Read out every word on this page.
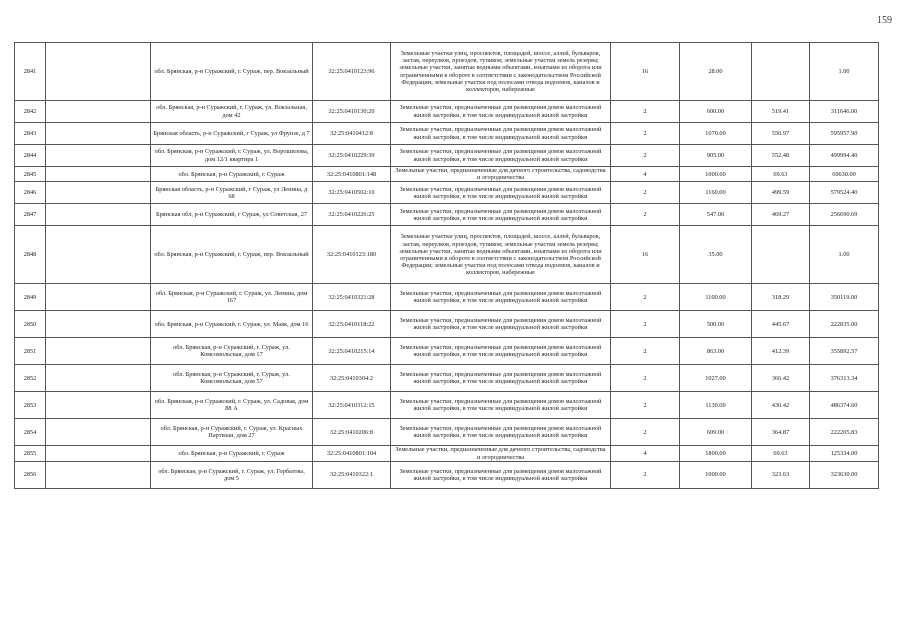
159
2841		обл. Брянская, р-н Суражский, г. Сураж, пер. Вокзальный	32:25:0410123:96	Земельные участки улиц, проспектов, площадей, шоссе, аллей, бульваров, застав, переулков, проездов, тупиков; земельные участки земель резерва; земельные участки, занятые водными объектами, изъятыми из оборота или ограниченными в обороте в соответствии с законодательством Российской Федерации; земельные участки под полосами отвода водоемов, каналов и коллекторов, набережные	16	28.00		1.00
2842		обл. Брянская, р-н Суражский, г. Сураж, ул. Вокзальная, дом 42	32:25:0410130:20	Земельные участки, предназначенные для размещения домов малоэтажной жилой застройки, в том числе индивидуальной жилой застройки	2	600.00	519.41	311646.00
2843		Брянская область, р-н Суражский, г Сураж, ул Фрунзе, д 7	32:25:0410412:8	Земельные участки, предназначенные для размещения домов малоэтажной жилой застройки, в том числе индивидуальной жилой застройки	2	1070.00	556.97	595957.90
2844		обл. Брянская, р-н Суражский, г. Сураж, ул. Ворошилова, дом 12/1 квартира 1	32:25:0410229:39	Земельные участки, предназначенные для размещения домов малоэтажной жилой застройки, в том числе индивидуальной жилой застройки	2	905.00	552.48	499994.40
2845		обл. Брянская, р-н Суражский, г. Сураж	32:25:0410801:148	Земельные участки, предназначенные для дачного строительства, садоводства и огородничества	4	1000.00	69.63	69630.00
2846		Брянская область, р-н Суражский, г Сураж, ул Ленина, д 68	32:25:0410502:10	Земельные участки, предназначенные для размещения домов малоэтажной жилой застройки, в том числе индивидуальной жилой застройки	2	1160.00	499.59	579524.40
2847		Брянская обл, р-н Суражский, г Сураж, ул Советская, 27	32:25:0410226:25	Земельные участки, предназначенные для размещения домов малоэтажной жилой застройки, в том числе индивидуальной жилой застройки	2	547.00	469.27	256690.69
2848		обл. Брянская, р-н Суражский, г. Сураж, пер. Вокзальный	32:25:0410123:180	Земельные участки улиц, проспектов, площадей, шоссе, аллей, бульваров, застав, переулков, проездов, тупиков; земельные участки земель резерва; земельные участки, занятые водными объектами, изъятыми из оборота или ограниченными в обороте в соответствии с законодательством Российской Федерации; земельные участки под полосами отвода водоемов, каналов и коллекторов, набережные	16	35.00		1.00
2849		обл. Брянская, р-н Суражский, г. Сураж, ул. Ленина, дом 167	32:25:0410321:28	Земельные участки, предназначенные для размещения домов малоэтажной жилой застройки, в том числе индивидуальной жилой застройки	2	1100.00	318.29	350119.00
2850		обл. Брянская, р-н Суражский, г. Сураж, ул. Маяк, дом 16	32:25:0410118:22	Земельные участки, предназначенные для размещения домов малоэтажной жилой застройки, в том числе индивидуальной жилой застройки	2	500.00	445.67	222835.00
2851		обл. Брянская, р-н Суражский, г. Сураж, ул. Комсомольская, дом 17	32:25:0410215:14	Земельные участки, предназначенные для размещения домов малоэтажной жилой застройки, в том числе индивидуальной жилой застройки	2	863.00	412.39	355892.57
2852		обл. Брянская, р-н Суражский, г. Сураж, ул. Комсомольская, дом 57	32:25:0410304:2	Земельные участки, предназначенные для размещения домов малоэтажной жилой застройки, в том числе индивидуальной жилой застройки	2	1027.00	366.42	376313.34
2853		обл. Брянская, р-н Суражский, г. Сураж, ул. Садовая, дом 88 А	32:25:0410312:15	Земельные участки, предназначенные для размещения домов малоэтажной жилой застройки, в том числе индивидуальной жилой застройки	2	1130.00	430.42	486374.60
2854		обл. Брянская, р-н Суражский, г. Сураж, ул. Красных Партизан, дом 27	32:25:0410206:8	Земельные участки, предназначенные для размещения домов малоэтажной жилой застройки, в том числе индивидуальной жилой застройки	2	609.00	364.87	222205.83
2855		обл. Брянская, р-н Суражский, г. Сураж	32:25:0410801:104	Земельные участки, предназначенные для дачного строительства, садоводства и огородничества	4	1800.00	69.63	125334.00
2856		обл. Брянская, р-н Суражский, г. Сураж, ул. Горбатова, дом 5	32:25:0410322:1	Земельные участки, предназначенные для размещения домов малоэтажной жилой застройки, в том числе индивидуальной жилой застройки	2	1000.00	323.63	323630.00
